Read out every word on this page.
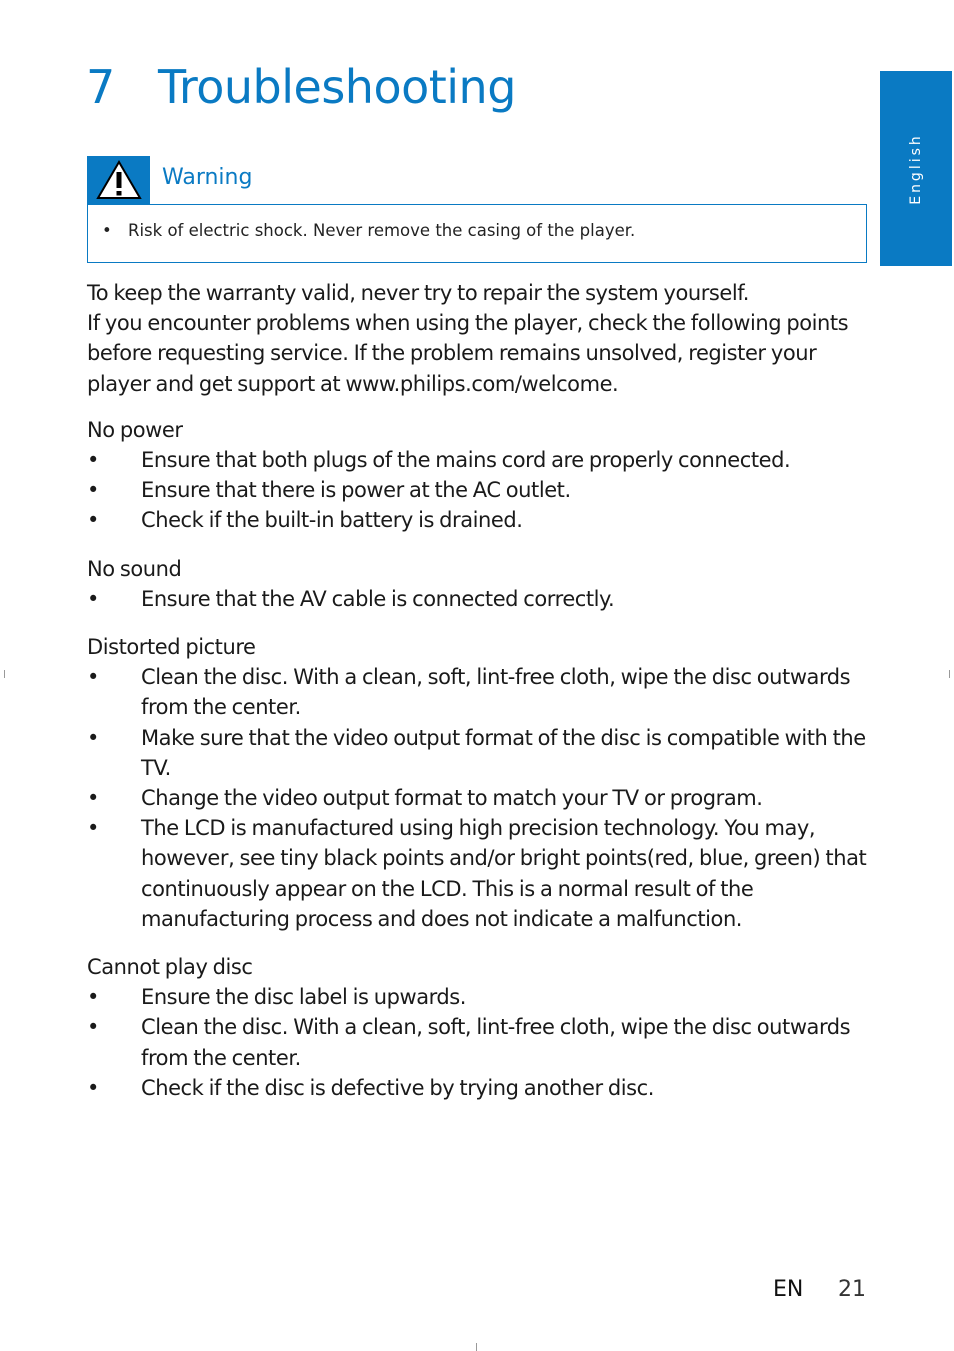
7 Troubleshooting
English
Warning
• Risk of electric shock. Never remove the casing of the player.

To keep the warranty valid, never try to repair the system yourself.

If you encounter problems when using the player, check the following points before requesting service. If the problem remains unsolved, register your player and get support at www.philips.com/welcome.

No power

• Ensure that both plugs of the mains cord are properly connected.
• Ensure that there is power at the AC outlet.
• Check if the built-in battery is drained.

No sound

• Ensure that the AV cable is connected correctly.

Distorted picture

• Clean the disc. With a clean, soft, lint-free cloth, wipe the disc outwards from the center.
• Make sure that the video output format of the disc is compatible with the TV.
• Change the video output format to match your TV or program.
• The LCD is manufactured using high precision technology. You may, however, see tiny black points and/or bright points(red, blue, green) that continuously appear on the LCD. This is a normal result of the manufacturing process and does not indicate a malfunction.

Cannot play disc

• Ensure the disc label is upwards.
• Clean the disc. With a clean, soft, lint-free cloth, wipe the disc outwards from the center.
• Check if the disc is defective by trying another disc.
EN 21
